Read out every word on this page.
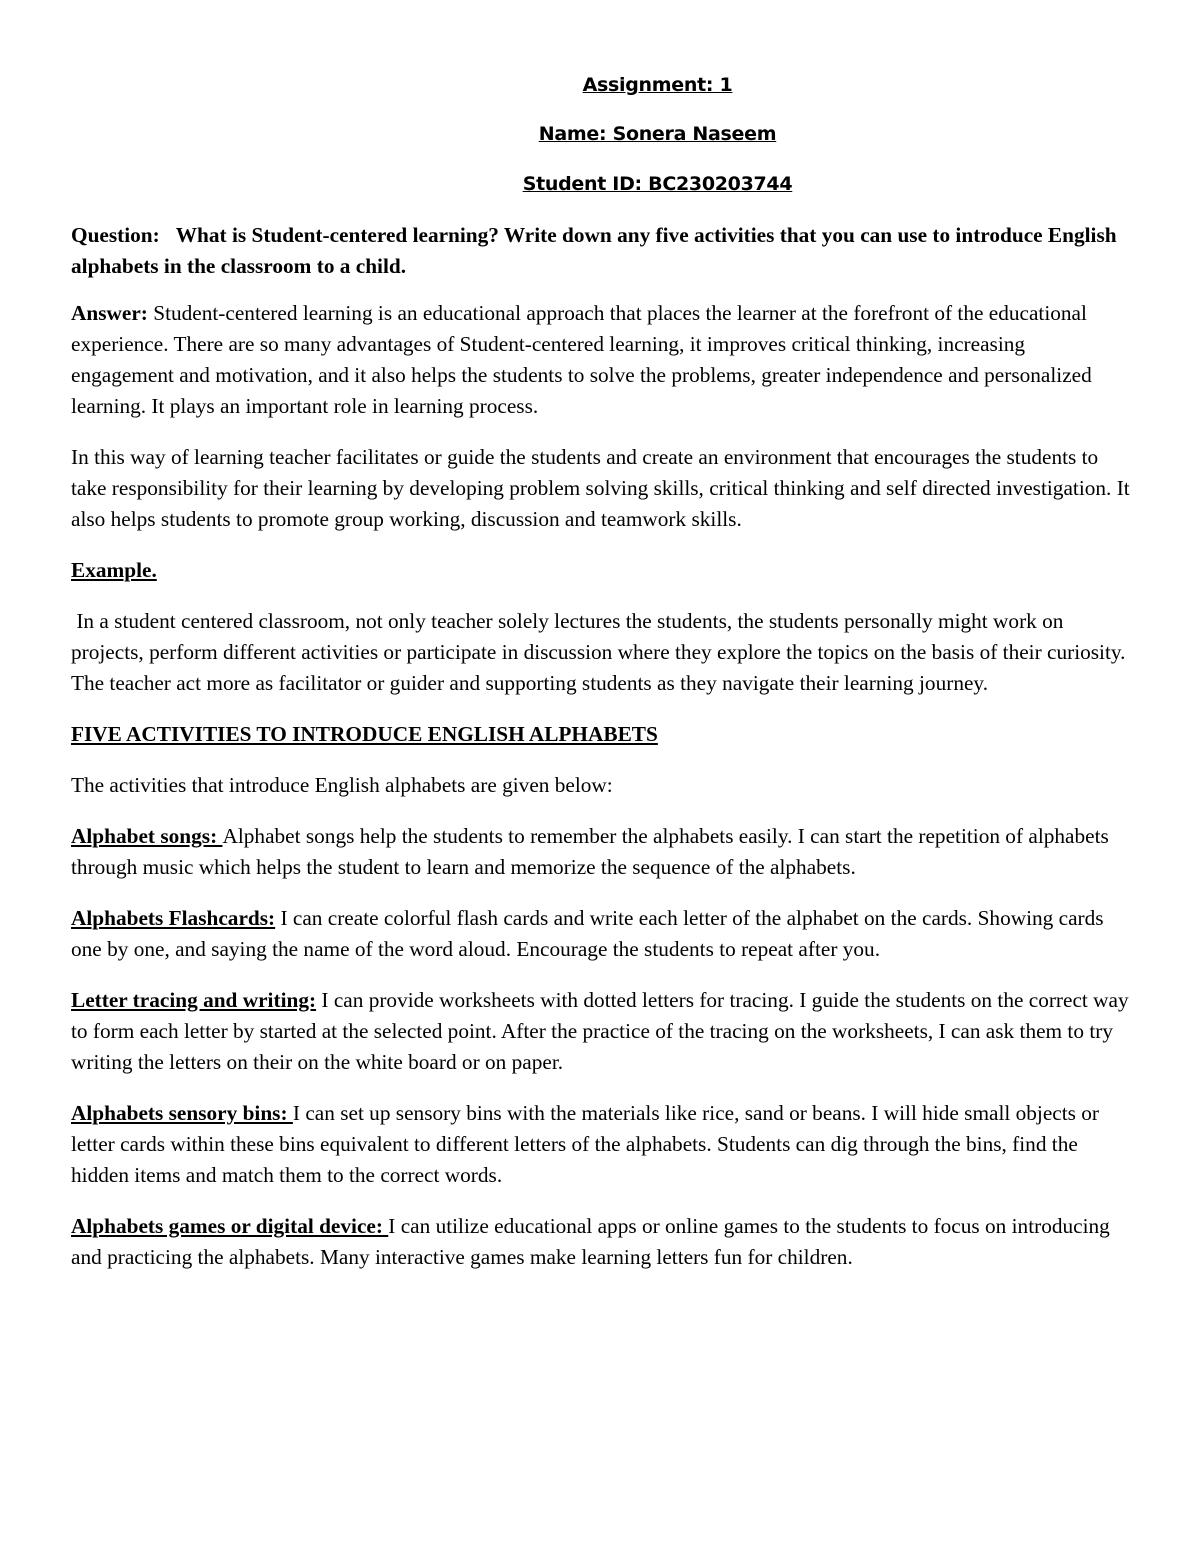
Assignment: 1
Name: Sonera Naseem
Student ID: BC230203744

Question: What is Student-centered learning? Write down any five activities that you can use to introduce English alphabets in the classroom to a child.

Answer: Student-centered learning is an educational approach that places the learner at the forefront of the educational experience. There are so many advantages of Student-centered learning, it improves critical thinking, increasing engagement and motivation, and it also helps the students to solve the problems, greater independence and personalized learning. It plays an important role in learning process.

In this way of learning teacher facilitates or guide the students and create an environment that encourages the students to take responsibility for their learning by developing problem solving skills, critical thinking and self directed investigation. It also helps students to promote group working, discussion and teamwork skills.

Example.

In a student centered classroom, not only teacher solely lectures the students, the students personally might work on projects, perform different activities or participate in discussion where they explore the topics on the basis of their curiosity. The teacher act more as facilitator or guider and supporting students as they navigate their learning journey.

FIVE ACTIVITIES TO INTRODUCE ENGLISH ALPHABETS

The activities that introduce English alphabets are given below:

Alphabet songs: Alphabet songs help the students to remember the alphabets easily. I can start the repetition of alphabets through music which helps the student to learn and memorize the sequence of the alphabets.

Alphabets Flashcards: I can create colorful flash cards and write each letter of the alphabet on the cards. Showing cards one by one, and saying the name of the word aloud. Encourage the students to repeat after you.

Letter tracing and writing: I can provide worksheets with dotted letters for tracing. I guide the students on the correct way to form each letter by started at the selected point. After the practice of the tracing on the worksheets, I can ask them to try writing the letters on their on the white board or on paper.

Alphabets sensory bins: I can set up sensory bins with the materials like rice, sand or beans. I will hide small objects or letter cards within these bins equivalent to different letters of the alphabets. Students can dig through the bins, find the hidden items and match them to the correct words.

Alphabets games or digital device: I can utilize educational apps or online games to the students to focus on introducing and practicing the alphabets. Many interactive games make learning letters fun for children.
